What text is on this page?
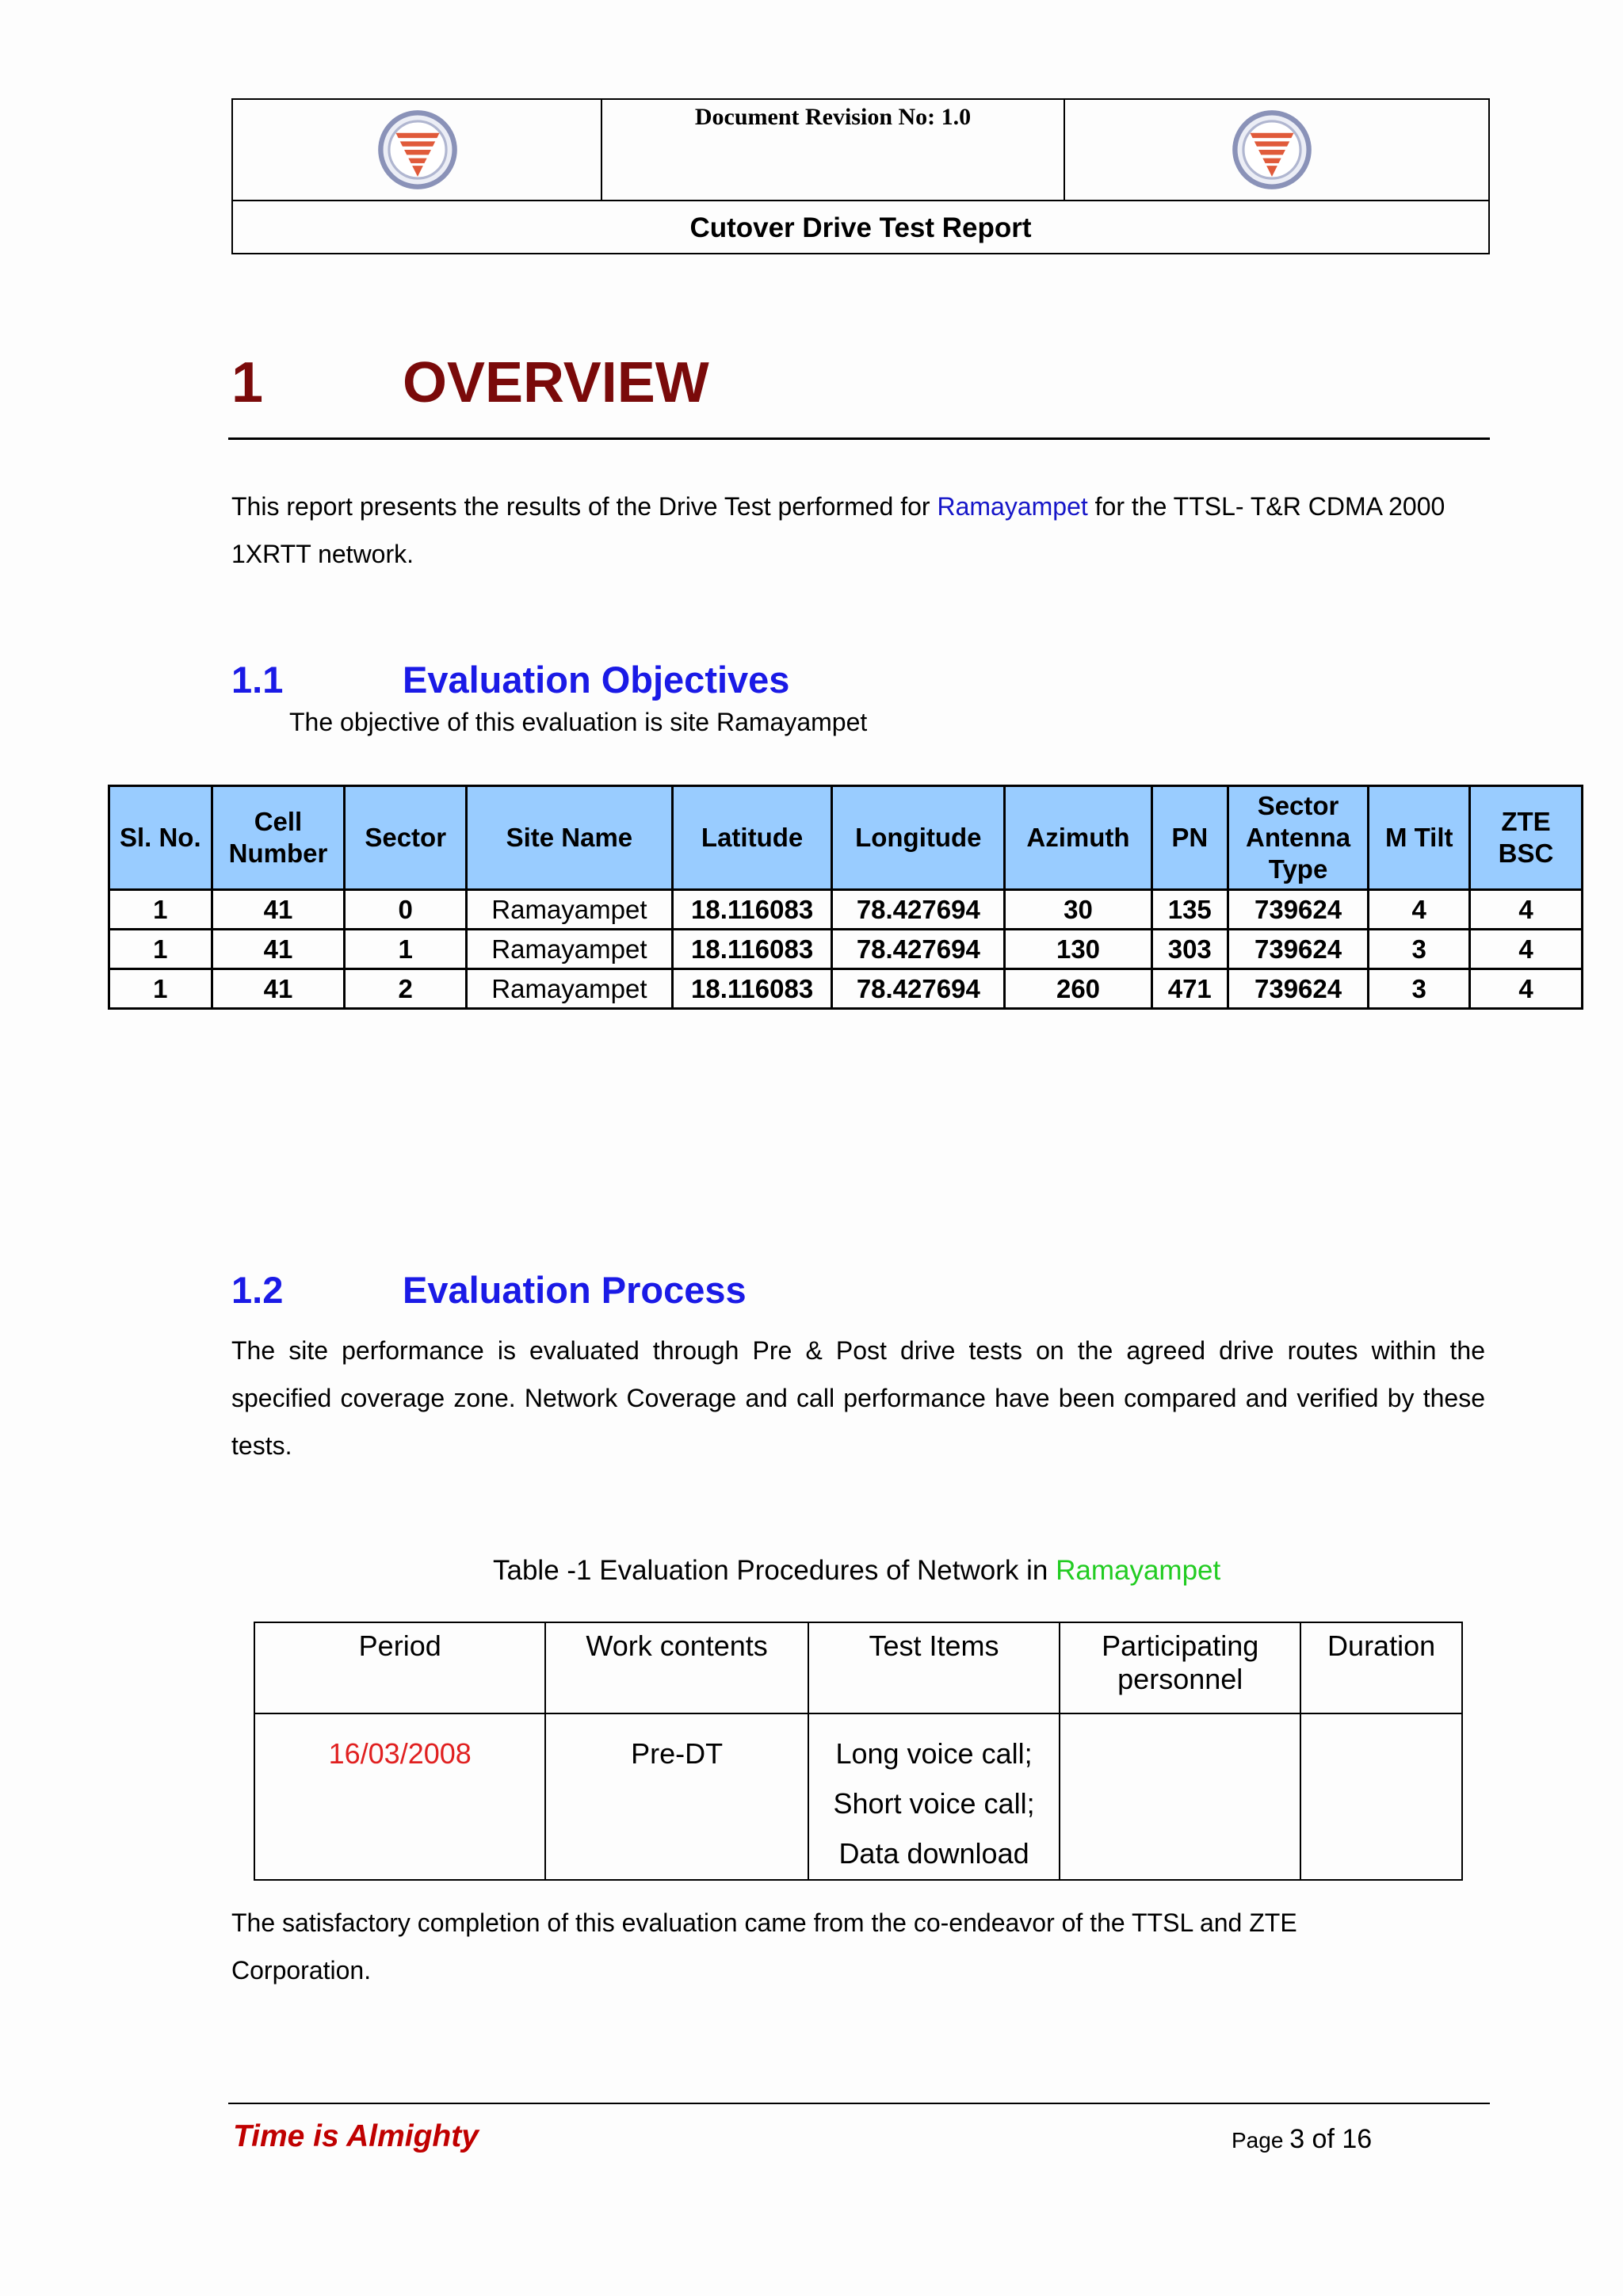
Document Revision No: 1.0
Cutover Drive Test Report
1 OVERVIEW
This report presents the results of the Drive Test performed for Ramayampet for the TTSL- T&R CDMA 2000
1XRTT network.
1.1	Evaluation Objectives
The objective of this evaluation is site Ramayampet
Sl. No.	Cell Number	Sector	Site Name	Latitude	Longitude	Azimuth	PN	Sector Antenna Type	M Tilt	ZTE BSC
1	41	0	Ramayampet	18.116083	78.427694	30	135	739624	4	4
1	41	1	Ramayampet	18.116083	78.427694	130	303	739624	3	4
1	41	2	Ramayampet	18.116083	78.427694	260	471	739624	3	4
1.2	Evaluation Process
The site performance is evaluated through Pre & Post drive tests on the agreed drive routes within the
specified coverage zone. Network Coverage and call performance have been compared and verified by these
tests.
Table -1 Evaluation Procedures of Network in Ramayampet
Period	Work contents	Test Items	Participating personnel	Duration
16/03/2008	Pre-DT	Long voice call;
Short voice call;
Data download		

The satisfactory completion of this evaluation came from the co-endeavor of the TTSL and ZTE
Corporation.
Time is Almighty	Page 3 of 16
